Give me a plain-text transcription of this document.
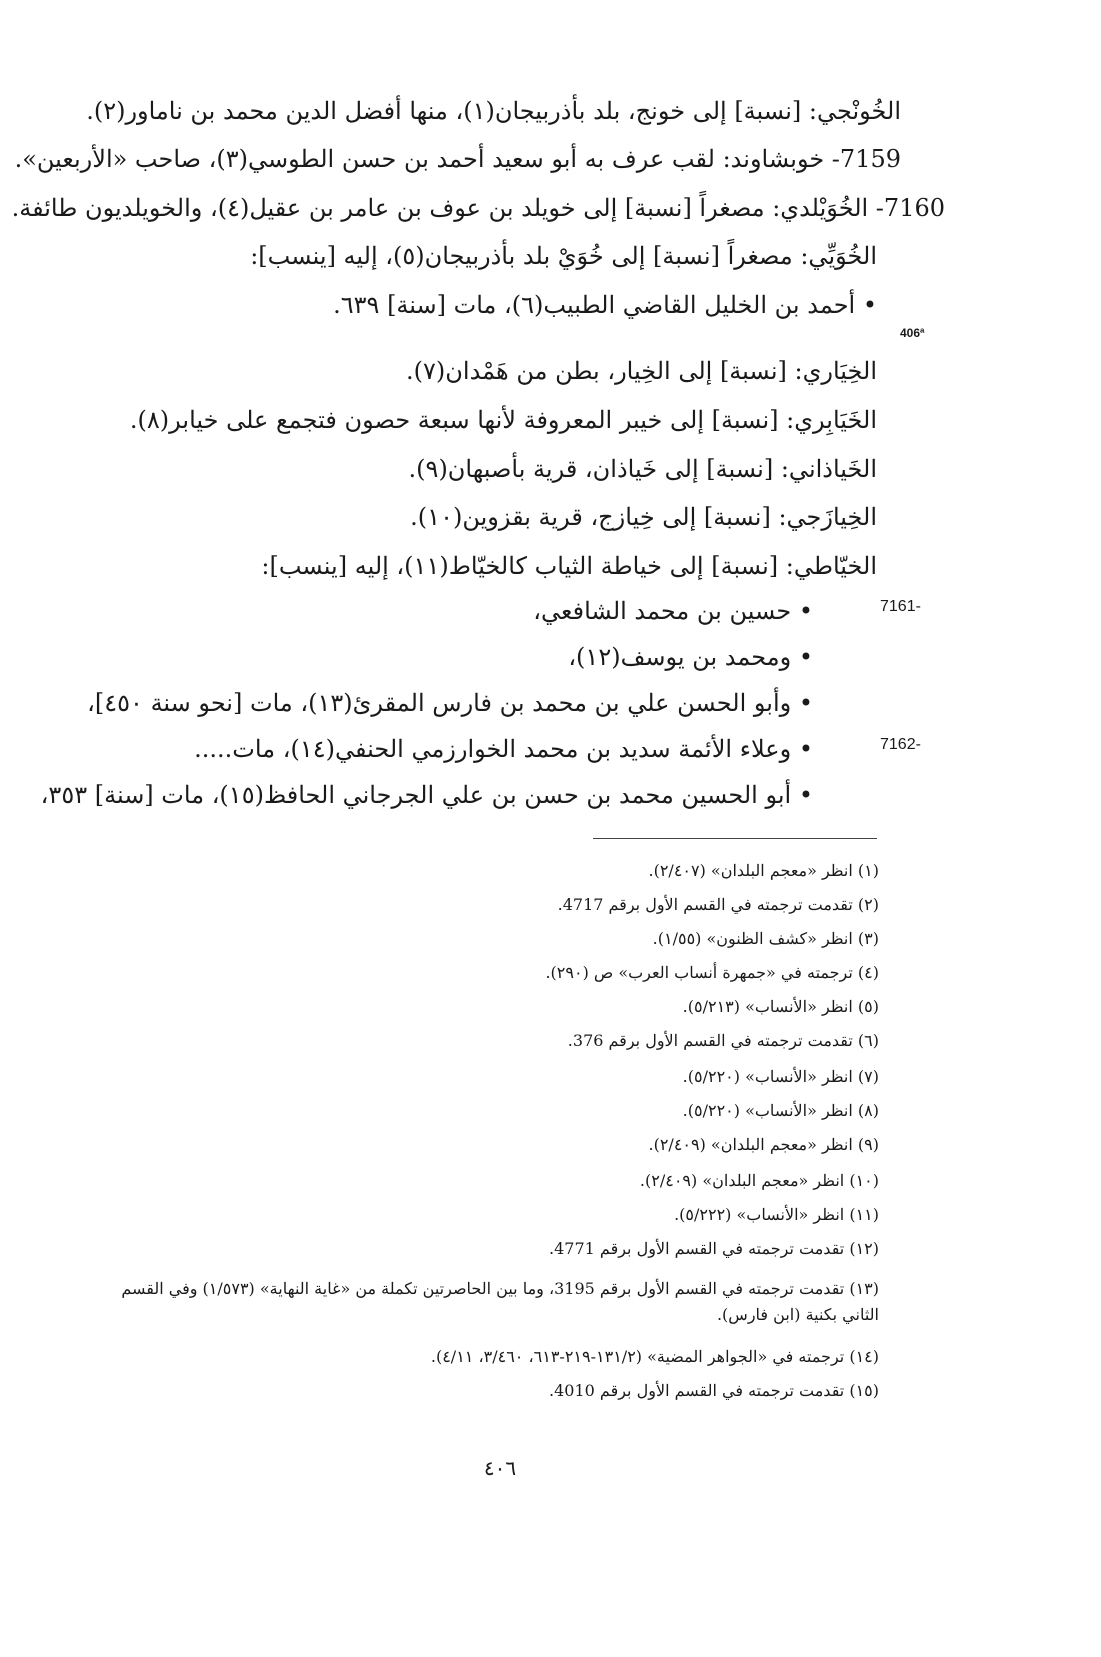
الخُونْجي: [نسبة] إلى خونج، بلد بأذربيجان(١)، منها أفضل الدين محمد بن ناماور(٢).
7159- خوبشاوند: لقب عرف به أبو سعيد أحمد بن حسن الطوسي(٣)، صاحب «الأربعين».
7160- الخُوَيْلدي: مصغراً [نسبة] إلى خويلد بن عوف بن عامر بن عقيل(٤)، والخويلديون طائفة.
الخُوَيِّي: مصغراً [نسبة] إلى خُوَيْ بلد بأذربيجان(٥)، إليه [ينسب]:
• أحمد بن الخليل القاضي الطبيب(٦)، مات [سنة] ٦٣٩.
406ª
الخِيَاري: [نسبة] إلى الخِيار، بطن من هَمْدان(٧).
الخَيَابِري: [نسبة] إلى خيبر المعروفة لأنها سبعة حصون فتجمع على خيابر(٨).
الخَياذاني: [نسبة] إلى خَياذان، قرية بأصبهان(٩).
الخِيازَجي: [نسبة] إلى خِيازج، قرية بقزوين(١٠).
الخيّاطي: [نسبة] إلى خياطة الثياب كالخيّاط(١١)، إليه [ينسب]:
7161-
• حسين بن محمد الشافعي،
• ومحمد بن يوسف(١٢)،
• وأبو الحسن علي بن محمد بن فارس المقرئ(١٣)، مات [نحو سنة ٤٥٠]،
7162-
• وعلاء الأئمة سديد بن محمد الخوارزمي الحنفي(١٤)، مات.....
• أبو الحسين محمد بن حسن بن علي الجرجاني الحافظ(١٥)، مات [سنة] ٣٥٣،
(١) انظر «معجم البلدان» (٢/٤٠٧).
(٢) تقدمت ترجمته في القسم الأول برقم 4717.
(٣) انظر «كشف الظنون» (١/٥٥).
(٤) ترجمته في «جمهرة أنساب العرب» ص (٢٩٠).
(٥) انظر «الأنساب» (٥/٢١٣).
(٦) تقدمت ترجمته في القسم الأول برقم 376.
(٧) انظر «الأنساب» (٥/٢٢٠).
(٨) انظر «الأنساب» (٥/٢٢٠).
(٩) انظر «معجم البلدان» (٢/٤٠٩).
(١٠) انظر «معجم البلدان» (٢/٤٠٩).
(١١) انظر «الأنساب» (٥/٢٢٢).
(١٢) تقدمت ترجمته في القسم الأول برقم 4771.
(١٣) تقدمت ترجمته في القسم الأول برقم 3195، وما بين الحاصرتين تكملة من «غاية النهاية» (١/٥٧٣) وفي القسم الثاني بكنية (ابن فارس).
(١٤) ترجمته في «الجواهر المضية» (١٣١/٢-٢١٩-٦١٣، ٣/٤٦٠، ٤/١١).
(١٥) تقدمت ترجمته في القسم الأول برقم 4010.
٤٠٦
